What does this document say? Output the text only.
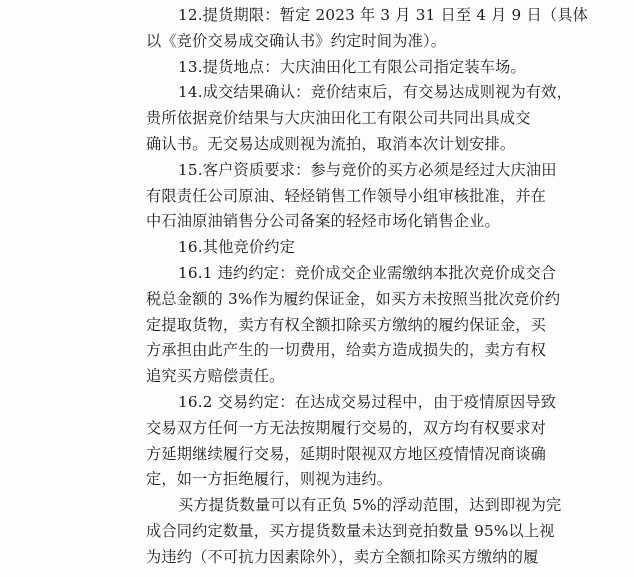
12.提货期限：暂定 2023 年 3 月 31 日至 4 月 9 日（具体
以《竞价交易成交确认书》约定时间为准）。
13.提货地点：大庆油田化工有限公司指定装车场。
14.成交结果确认：竞价结束后，有交易达成则视为有效，
贵所依据竞价结果与大庆油田化工有限公司共同出具成交
确认书。无交易达成则视为流拍，取消本次计划安排。
15.客户资质要求：参与竞价的买方必须是经过大庆油田
有限责任公司原油、轻烃销售工作领导小组审核批准，并在
中石油原油销售分公司备案的轻烃市场化销售企业。
16.其他竞价约定
16.1 违约约定：竞价成交企业需缴纳本批次竞价成交合
税总金额的 3%作为履约保证金，如买方未按照当批次竞价约
定提取货物，卖方有权全额扣除买方缴纳的履约保证金，买
方承担由此产生的一切费用，给卖方造成损失的，卖方有权
追究买方赔偿责任。
16.2 交易约定：在达成交易过程中，由于疫情原因导致
交易双方任何一方无法按期履行交易的，双方均有权要求对
方延期继续履行交易，延期时限视双方地区疫情情况商谈确
定，如一方拒绝履行，则视为违约。
买方提货数量可以有正负 5%的浮动范围，达到即视为完
成合同约定数量，买方提货数量未达到竞拍数量 95%以上视
为违约（不可抗力因素除外），卖方全额扣除买方缴纳的履
